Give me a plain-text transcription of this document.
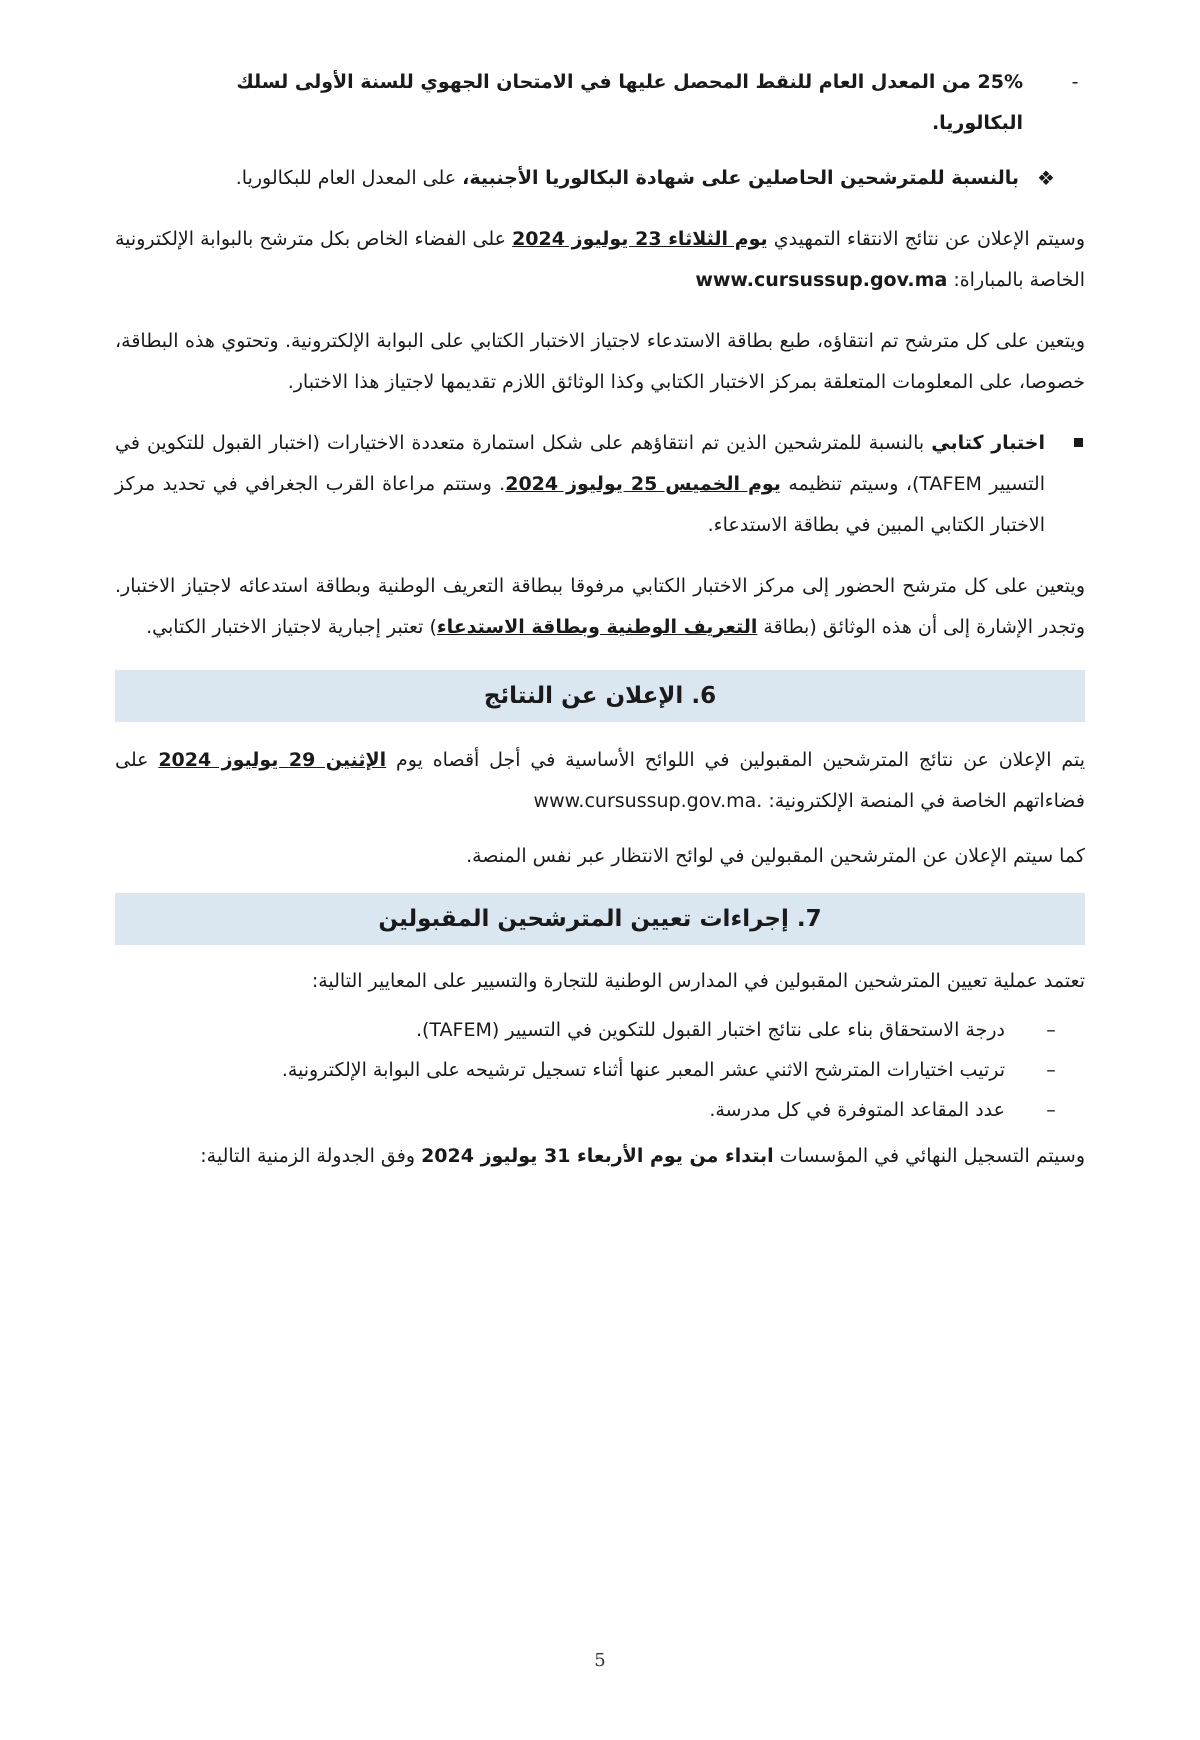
-
25% من المعدل العام للنقط المحصل عليها في الامتحان الجهوي للسنة الأولى لسلك
البكالوريا.

❖
بالنسبة للمترشحين الحاصلين على شهادة البكالوريا الأجنبية، على المعدل العام للبكالوريا.

وسيتم الإعلان عن نتائج الانتقاء التمهيدي يوم الثلاثاء 23 يوليوز 2024 على الفضاء الخاص بكل مترشح بالبوابة الإلكترونية الخاصة بالمباراة: www.cursussup.gov.ma

ويتعين على كل مترشح تم انتقاؤه، طبع بطاقة الاستدعاء لاجتياز الاختبار الكتابي على البوابة الإلكترونية. وتحتوي هذه البطاقة، خصوصا، على المعلومات المتعلقة بمركز الاختبار الكتابي وكذا الوثائق اللازم تقديمها لاجتياز هذا الاختبار.

اختبار كتابي بالنسبة للمترشحين الذين تم انتقاؤهم على شكل استمارة متعددة الاختيارات (اختبار القبول للتكوين في التسيير TAFEM)، وسيتم تنظيمه يوم الخميس 25 يوليوز 2024. وستتم مراعاة القرب الجغرافي في تحديد مركز الاختبار الكتابي المبين في بطاقة الاستدعاء.

ويتعين على كل مترشح الحضور إلى مركز الاختبار الكتابي مرفوقا ببطاقة التعريف الوطنية وبطاقة استدعائه لاجتياز الاختبار. وتجدر الإشارة إلى أن هذه الوثائق (بطاقة التعريف الوطنية وبطاقة الاستدعاء) تعتبر إجبارية لاجتياز الاختبار الكتابي.

6. الإعلان عن النتائج

يتم الإعلان عن نتائج المترشحين المقبولين في اللوائح الأساسية في أجل أقصاه يوم الإثنين 29 يوليوز 2024 على فضاءاتهم الخاصة في المنصة الإلكترونية: www.cursussup.gov.ma.

كما سيتم الإعلان عن المترشحين المقبولين في لوائح الانتظار عبر نفس المنصة.

7. إجراءات تعيين المترشحين المقبولين

تعتمد عملية تعيين المترشحين المقبولين في المدارس الوطنية للتجارة والتسيير على المعايير التالية:

–
درجة الاستحقاق بناء على نتائج اختبار القبول للتكوين في التسيير (TAFEM).
–
ترتيب اختيارات المترشح الاثني عشر المعبر عنها أثناء تسجيل ترشيحه على البوابة الإلكترونية.
–
عدد المقاعد المتوفرة في كل مدرسة.

وسيتم التسجيل النهائي في المؤسسات ابتداء من يوم الأربعاء 31 يوليوز 2024 وفق الجدولة الزمنية التالية:

5
